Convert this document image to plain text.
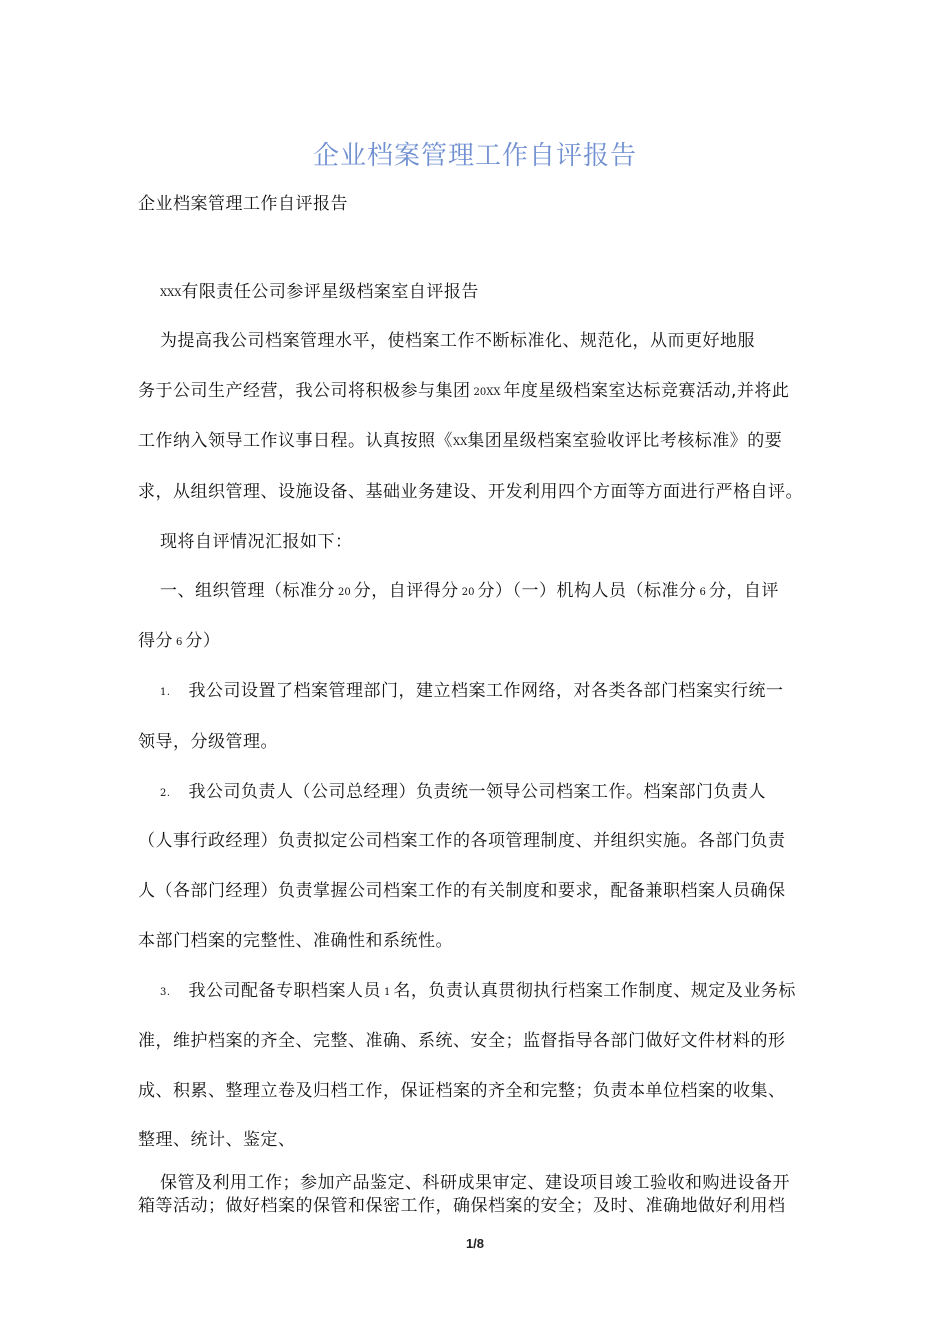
企业档案管理工作自评报告
企业档案管理工作自评报告
XXX有限责任公司参评星级档案室自评报告
为提高我公司档案管理水平，使档案工作不断标准化、规范化，从而更好地服
务于公司生产经营，我公司将积极参与集团 20XX 年度星级档案室达标竞赛活动,并将此
工作纳入领导工作议事日程。认真按照《XX集团星级档案室验收评比考核标准》的要
求，从组织管理、设施设备、基础业务建设、开发利用四个方面等方面进行严格自评。
现将自评情况汇报如下：
一、组织管理（标准分 20 分，自评得分 20 分）（一）机构人员（标准分 6 分，自评
得分 6 分）
1. 我公司设置了档案管理部门，建立档案工作网络，对各类各部门档案实行统一
领导，分级管理。
2. 我公司负责人（公司总经理）负责统一领导公司档案工作。档案部门负责人
（人事行政经理）负责拟定公司档案工作的各项管理制度、并组织实施。各部门负责
人（各部门经理）负责掌握公司档案工作的有关制度和要求，配备兼职档案人员确保
本部门档案的完整性、准确性和系统性。
3. 我公司配备专职档案人员 1 名，负责认真贯彻执行档案工作制度、规定及业务标
准，维护档案的齐全、完整、准确、系统、安全；监督指导各部门做好文件材料的形
成、积累、整理立卷及归档工作，保证档案的齐全和完整；负责本单位档案的收集、
整理、统计、鉴定、
保管及利用工作；参加产品鉴定、科研成果审定、建设项目竣工验收和购进设备开
箱等活动；做好档案的保管和保密工作，确保档案的安全；及时、准确地做好利用档
1/8
